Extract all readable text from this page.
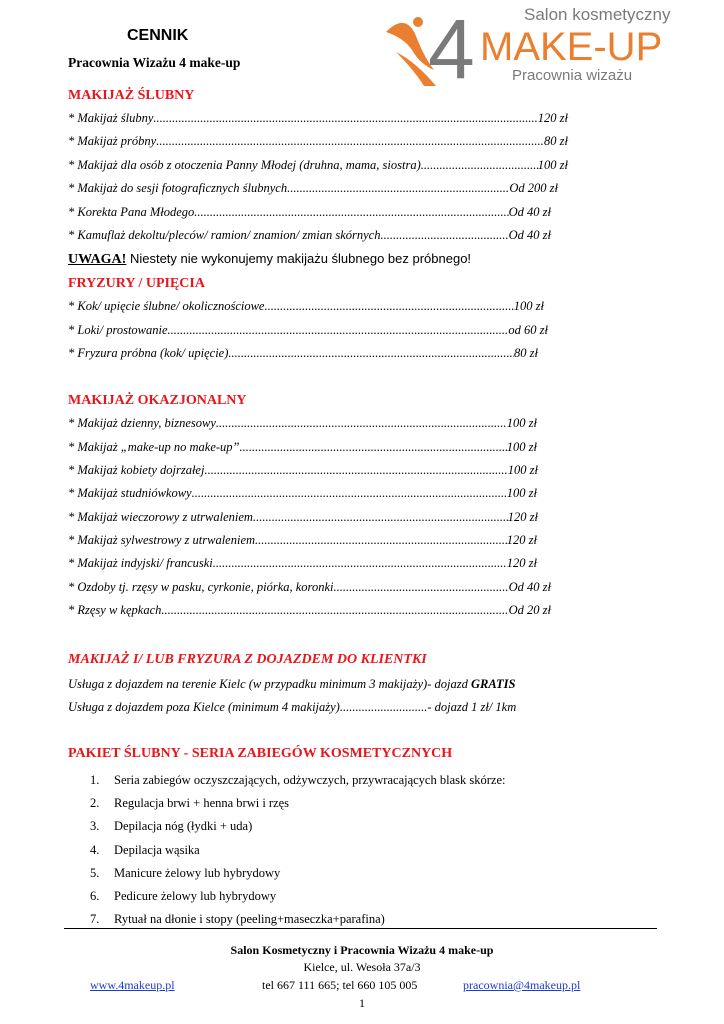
CENNIK
Pracownia Wizażu 4 make-up 4	Salon kosmetyczny
MAKE-UP
Pracownia wizażu
MAKIJAŻ ŚLUBNY
* Makijaż ślubny .....	120 zł
* Makijaż próbny .....	80 zł
* Makijaż dla osób z otoczenia Panny Młodej (druhna, mama, siostra) .....	100 zł
* Makijaż do sesji fotograficznych ślubnych .....	Od 200 zł
* Korekta Pana Młodego .....	Od 40 zł
* Kamuflaż dekoltu/pleców/ ramion/ znamion/ zmian skórnych .....	Od 40 zł
UWAGA! Niestety nie wykonujemy makijażu ślubnego bez próbnego!
FRYZURY / UPIĘCIA
* Kok/ upięcie ślubne/ okolicznościowe .....	100 zł
* Loki/ prostowanie .....	od 60 zł
* Fryzura próbna (kok/ upięcie) .....	80 zł
MAKIJAŻ OKAZJONALNY
* Makijaż dzienny, biznesowy .....	100 zł
* Makijaż „make-up no make-up” .....	100 zł
* Makijaż kobiety dojrzałej .....	100 zł
* Makijaż studniówkowy .....	100 zł
* Makijaż wieczorowy z utrwaleniem .....	120 zł
* Makijaż sylwestrowy z utrwaleniem .....	120 zł
* Makijaż indyjski/ francuski .....	120 zł
* Ozdoby tj. rzęsy w pasku, cyrkonie, piórka, koronki .....	Od 40 zł
* Rzęsy w kępkach .....	Od 20 zł
MAKIJAŻ I/ LUB FRYZURA Z DOJAZDEM DO KLIENTKI
Usługa z dojazdem na terenie Kielc (w przypadku minimum 3 makijaży)- dojazd GRATIS
Usługa z dojazdem poza Kielce (minimum 4 makijaży)............................- dojazd 1 zł/ 1km
PAKIET ŚLUBNY - SERIA ZABIEGÓW KOSMETYCZNYCH
1.	Seria zabiegów oczyszczających, odżywczych, przywracających blask skórze:
2.	Regulacja brwi + henna brwi i rzęs
3.	Depilacja nóg (łydki + uda)
4.	Depilacja wąsika
5.	Manicure żelowy lub hybrydowy
6.	Pedicure żelowy lub hybrydowy
7.	Rytuał na dłonie i stopy (peeling+maseczka+parafina)
Salon Kosmetyczny i Pracownia Wizażu 4 make-up
Kielce, ul. Wesoła 37a/3
www.4makeup.pl	tel 667 111 665; tel 660 105 005	pracownia@4makeup.pl
1
